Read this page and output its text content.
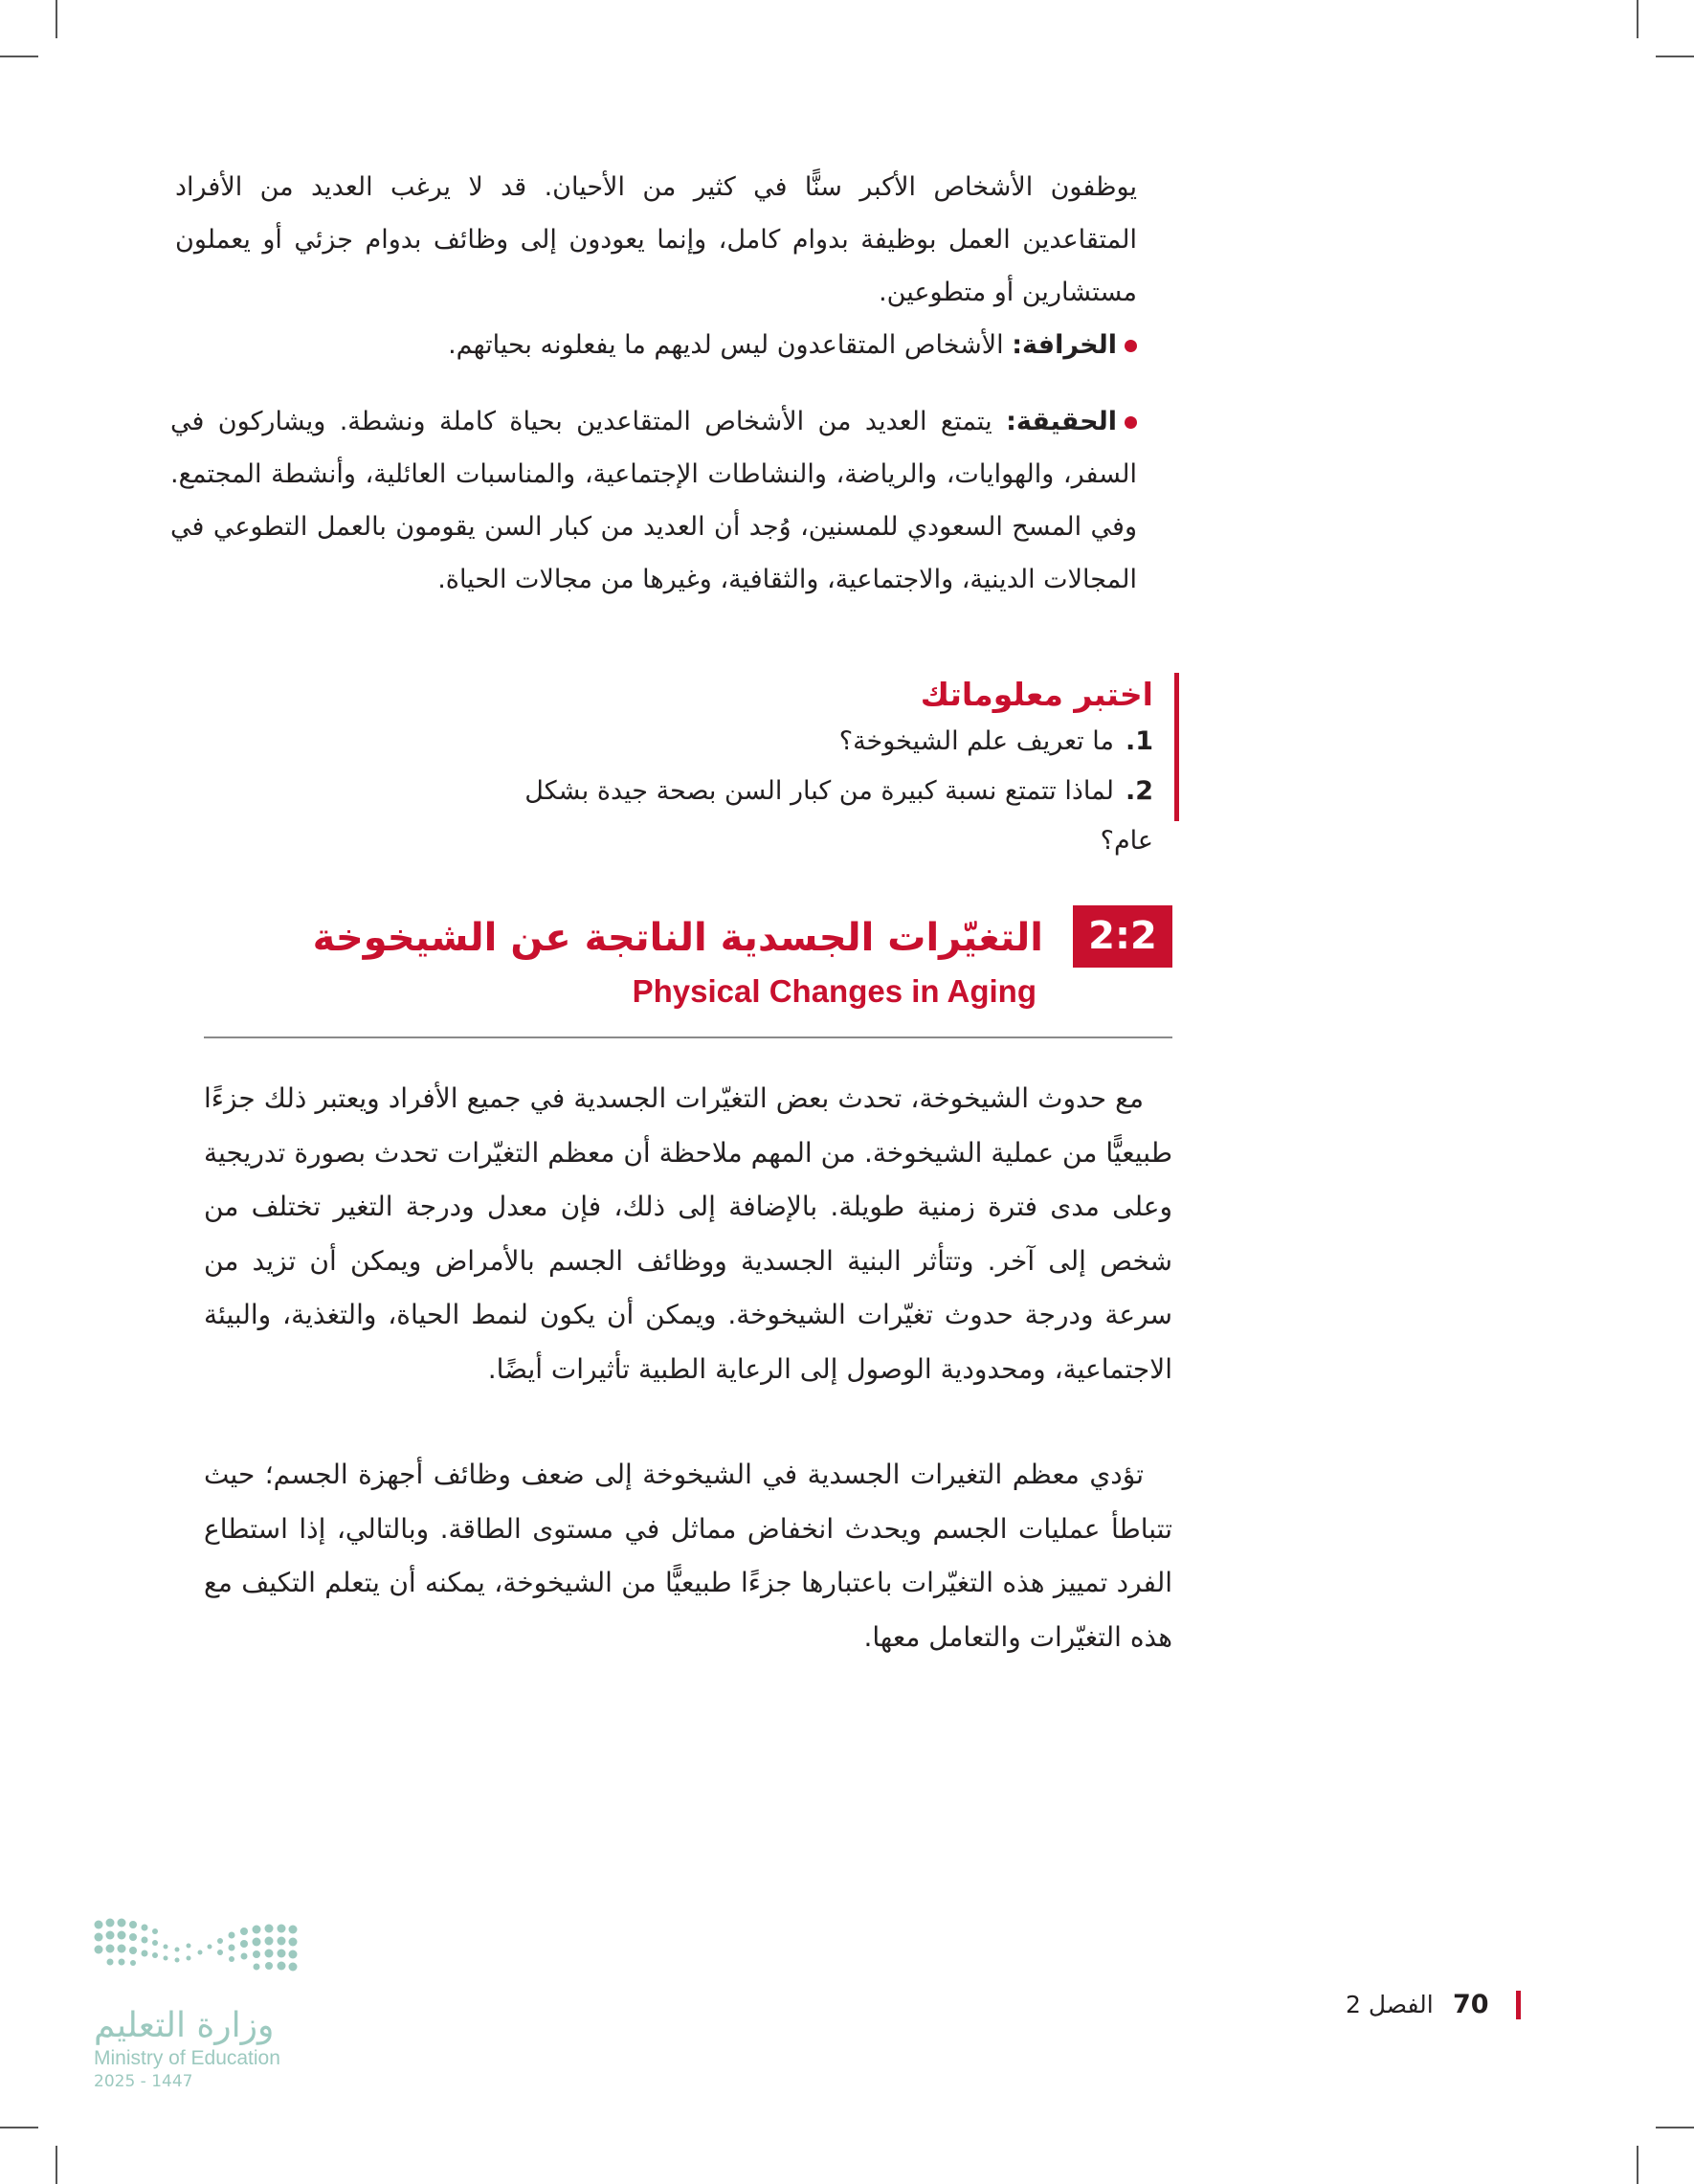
يوظفون الأشخاص الأكبر سنًّا في كثير من الأحيان. قد لا يرغب العديد من الأفراد المتقاعدين العمل بوظيفة بدوام كامل، وإنما يعودون إلى وظائف بدوام جزئي أو يعملون مستشارين أو متطوعين.
الخرافة: الأشخاص المتقاعدون ليس لديهم ما يفعلونه بحياتهم.
الحقيقة: يتمتع العديد من الأشخاص المتقاعدين بحياة كاملة ونشطة. ويشاركون في السفر، والهوايات، والرياضة، والنشاطات الإجتماعية، والمناسبات العائلية، وأنشطة المجتمع. وفي المسح السعودي للمسنين، وُجد أن العديد من كبار السن يقومون بالعمل التطوعي في المجالات الدينية، والاجتماعية، والثقافية، وغيرها من مجالات الحياة.
اختبر معلوماتك
1.ما تعريف علم الشيخوخة؟
2.لماذا تتمتع نسبة كبيرة من كبار السن بصحة جيدة بشكل عام؟
2:2
التغيّرات الجسدية الناتجة عن الشيخوخة
Physical Changes in Aging
مع حدوث الشيخوخة، تحدث بعض التغيّرات الجسدية في جميع الأفراد ويعتبر ذلك جزءًا طبيعيًّا من عملية الشيخوخة. من المهم ملاحظة أن معظم التغيّرات تحدث بصورة تدريجية وعلى مدى فترة زمنية طويلة. بالإضافة إلى ذلك، فإن معدل ودرجة التغير تختلف من شخص إلى آخر. وتتأثر البنية الجسدية ووظائف الجسم بالأمراض ويمكن أن تزيد من سرعة ودرجة حدوث تغيّرات الشيخوخة. ويمكن أن يكون لنمط الحياة، والتغذية، والبيئة الاجتماعية، ومحدودية الوصول إلى الرعاية الطبية تأثيرات أيضًا.
تؤدي معظم التغيرات الجسدية في الشيخوخة إلى ضعف وظائف أجهزة الجسم؛ حيث تتباطأ عمليات الجسم ويحدث انخفاض مماثل في مستوى الطاقة. وبالتالي، إذا استطاع الفرد تمييز هذه التغيّرات باعتبارها جزءًا طبيعيًّا من الشيخوخة، يمكنه أن يتعلم التكيف مع هذه التغيّرات والتعامل معها.
وزارة التعليم
Ministry of Education
2025 - 1447
70
الفصل 2
